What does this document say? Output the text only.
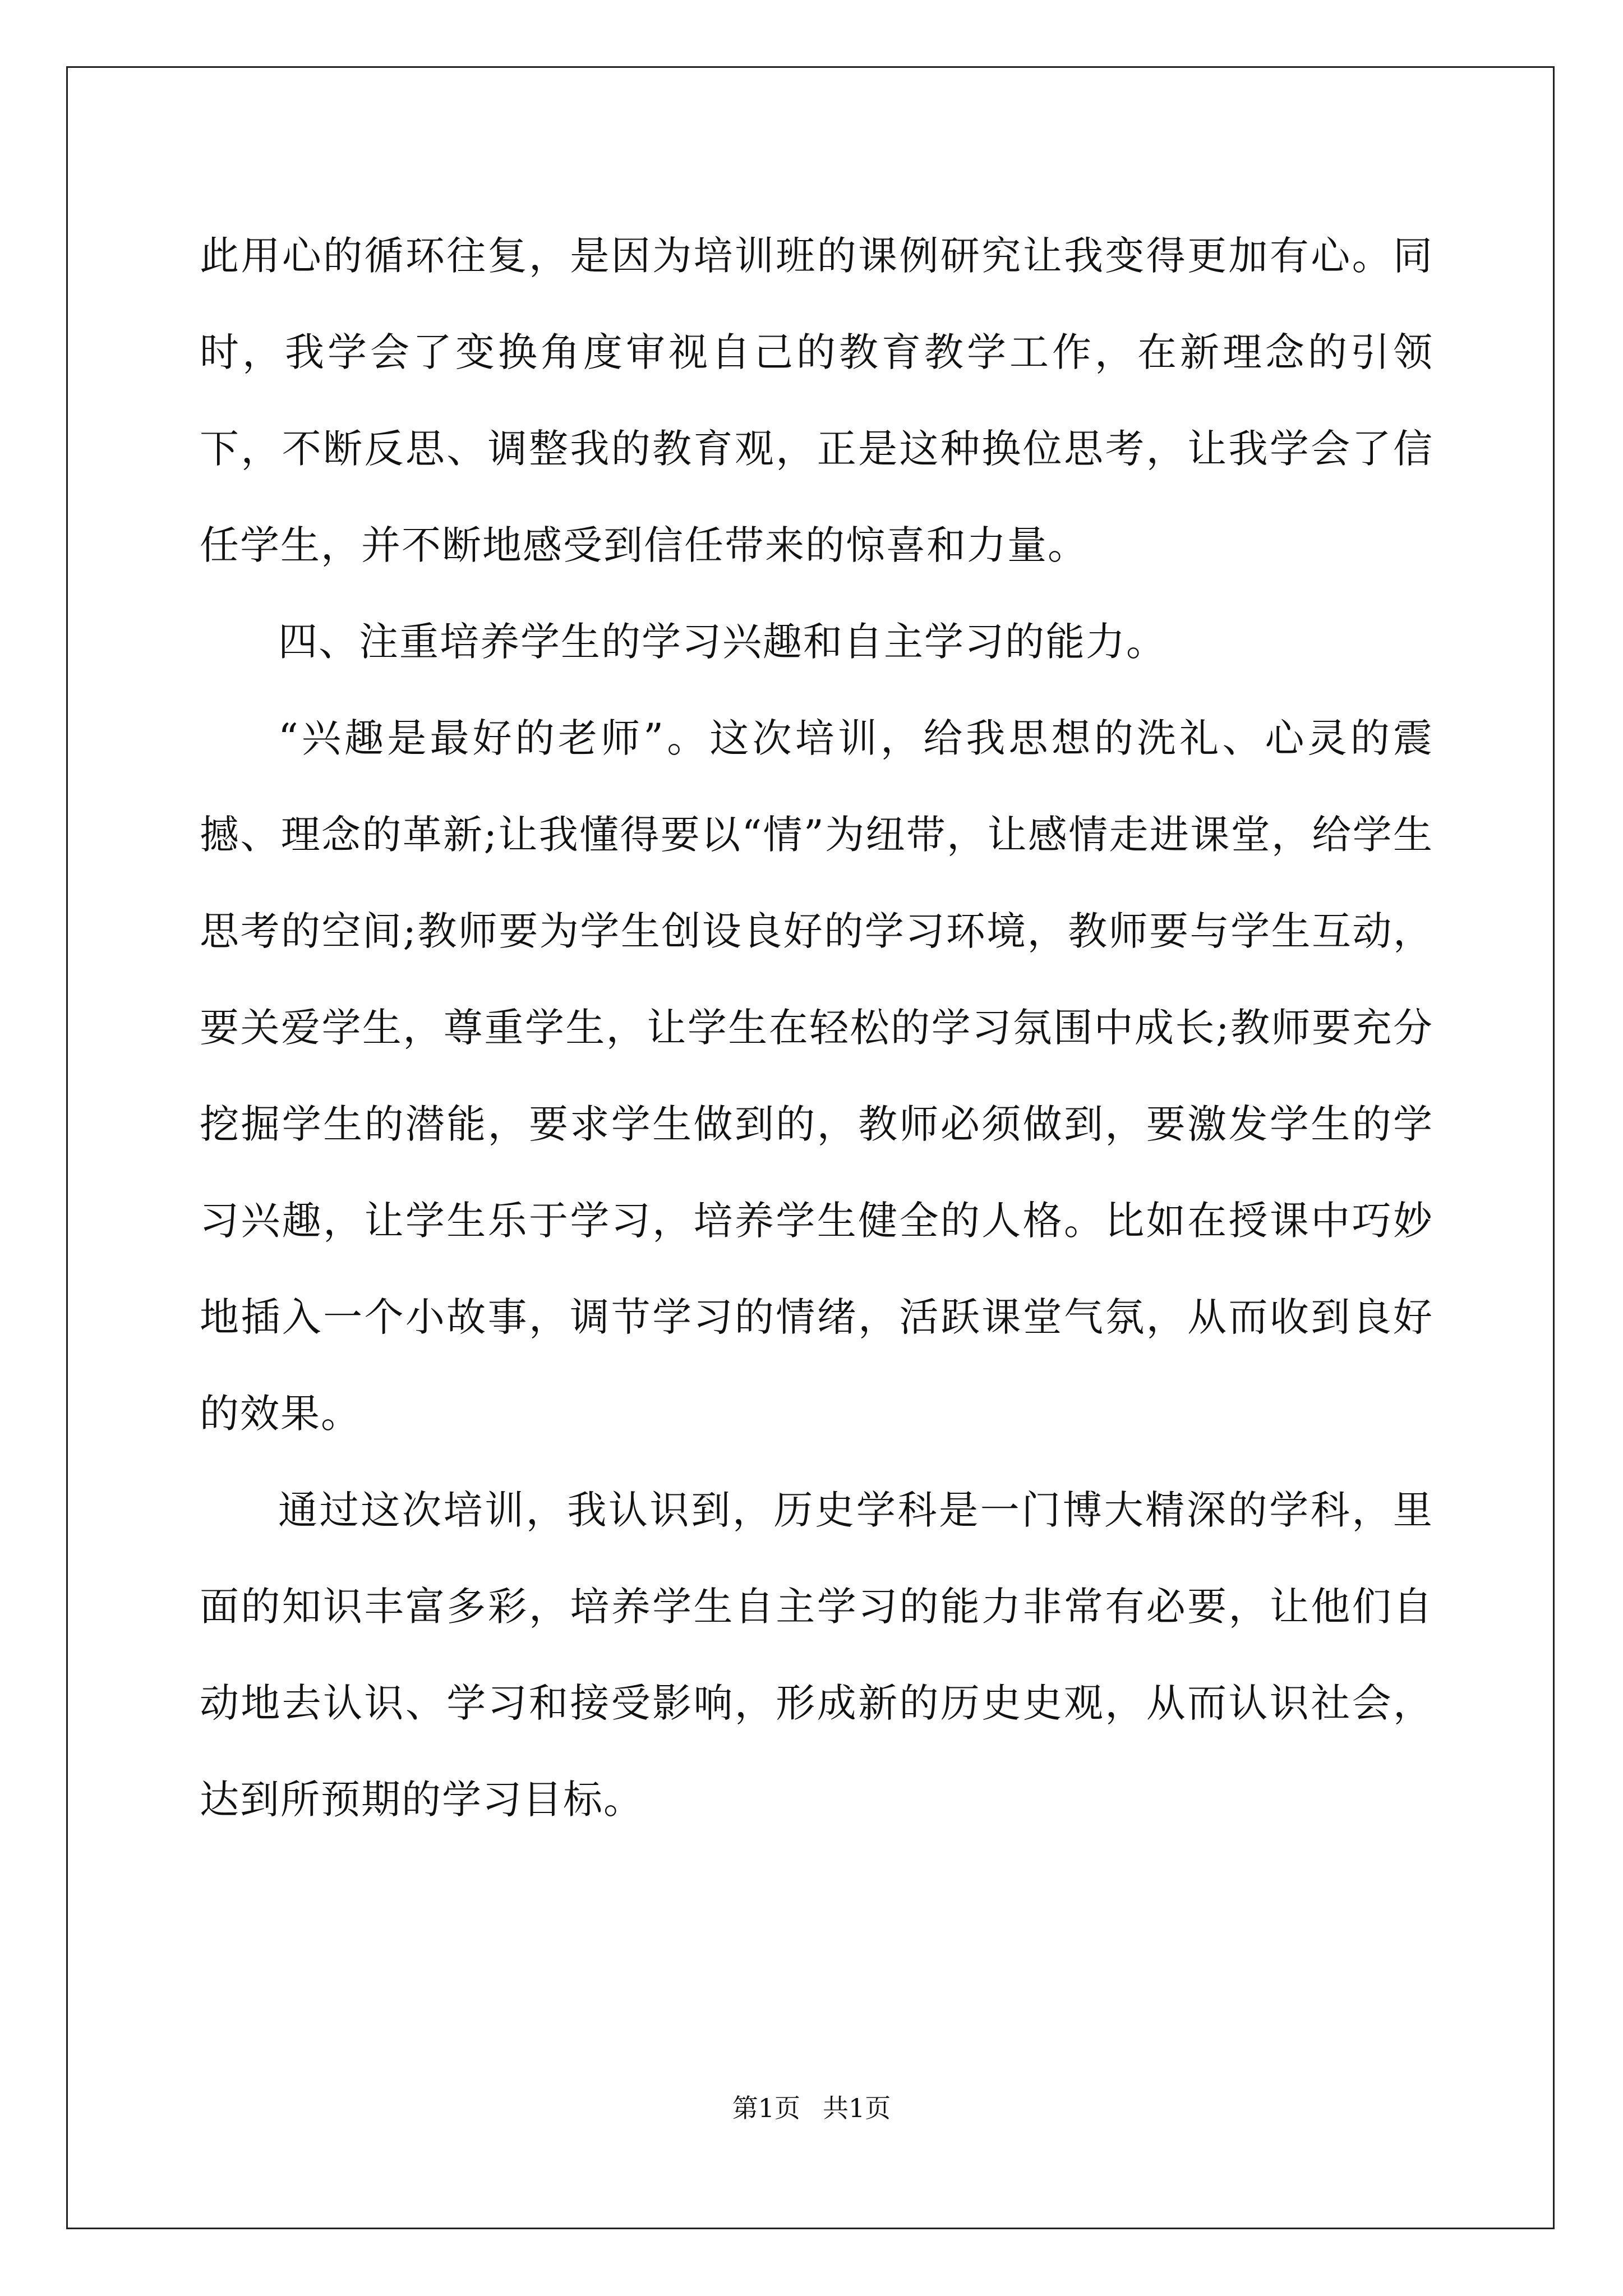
此用心的循环往复，是因为培训班的课例研究让我变得更加有心。同时，我学会了变换角度审视自己的教育教学工作，在新理念的引领下，不断反思、调整我的教育观，正是这种换位思考，让我学会了信任学生，并不断地感受到信任带来的惊喜和力量。

四、注重培养学生的学习兴趣和自主学习的能力。

“兴趣是最好的老师”。这次培训，给我思想的洗礼、心灵的震撼、理念的革新;让我懂得要以“情”为纽带，让感情走进课堂，给学生思考的空间;教师要为学生创设良好的学习环境，教师要与学生互动，要关爱学生，尊重学生，让学生在轻松的学习氛围中成长;教师要充分挖掘学生的潜能，要求学生做到的，教师必须做到，要激发学生的学习兴趣，让学生乐于学习，培养学生健全的人格。比如在授课中巧妙地插入一个小故事，调节学习的情绪，活跃课堂气氛，从而收到良好的效果。

通过这次培训，我认识到，历史学科是一门博大精深的学科，里面的知识丰富多彩，培养学生自主学习的能力非常有必要，让他们自动地去认识、学习和接受影响，形成新的历史史观，从而认识社会，达到所预期的学习目标。

第1页 共1页
